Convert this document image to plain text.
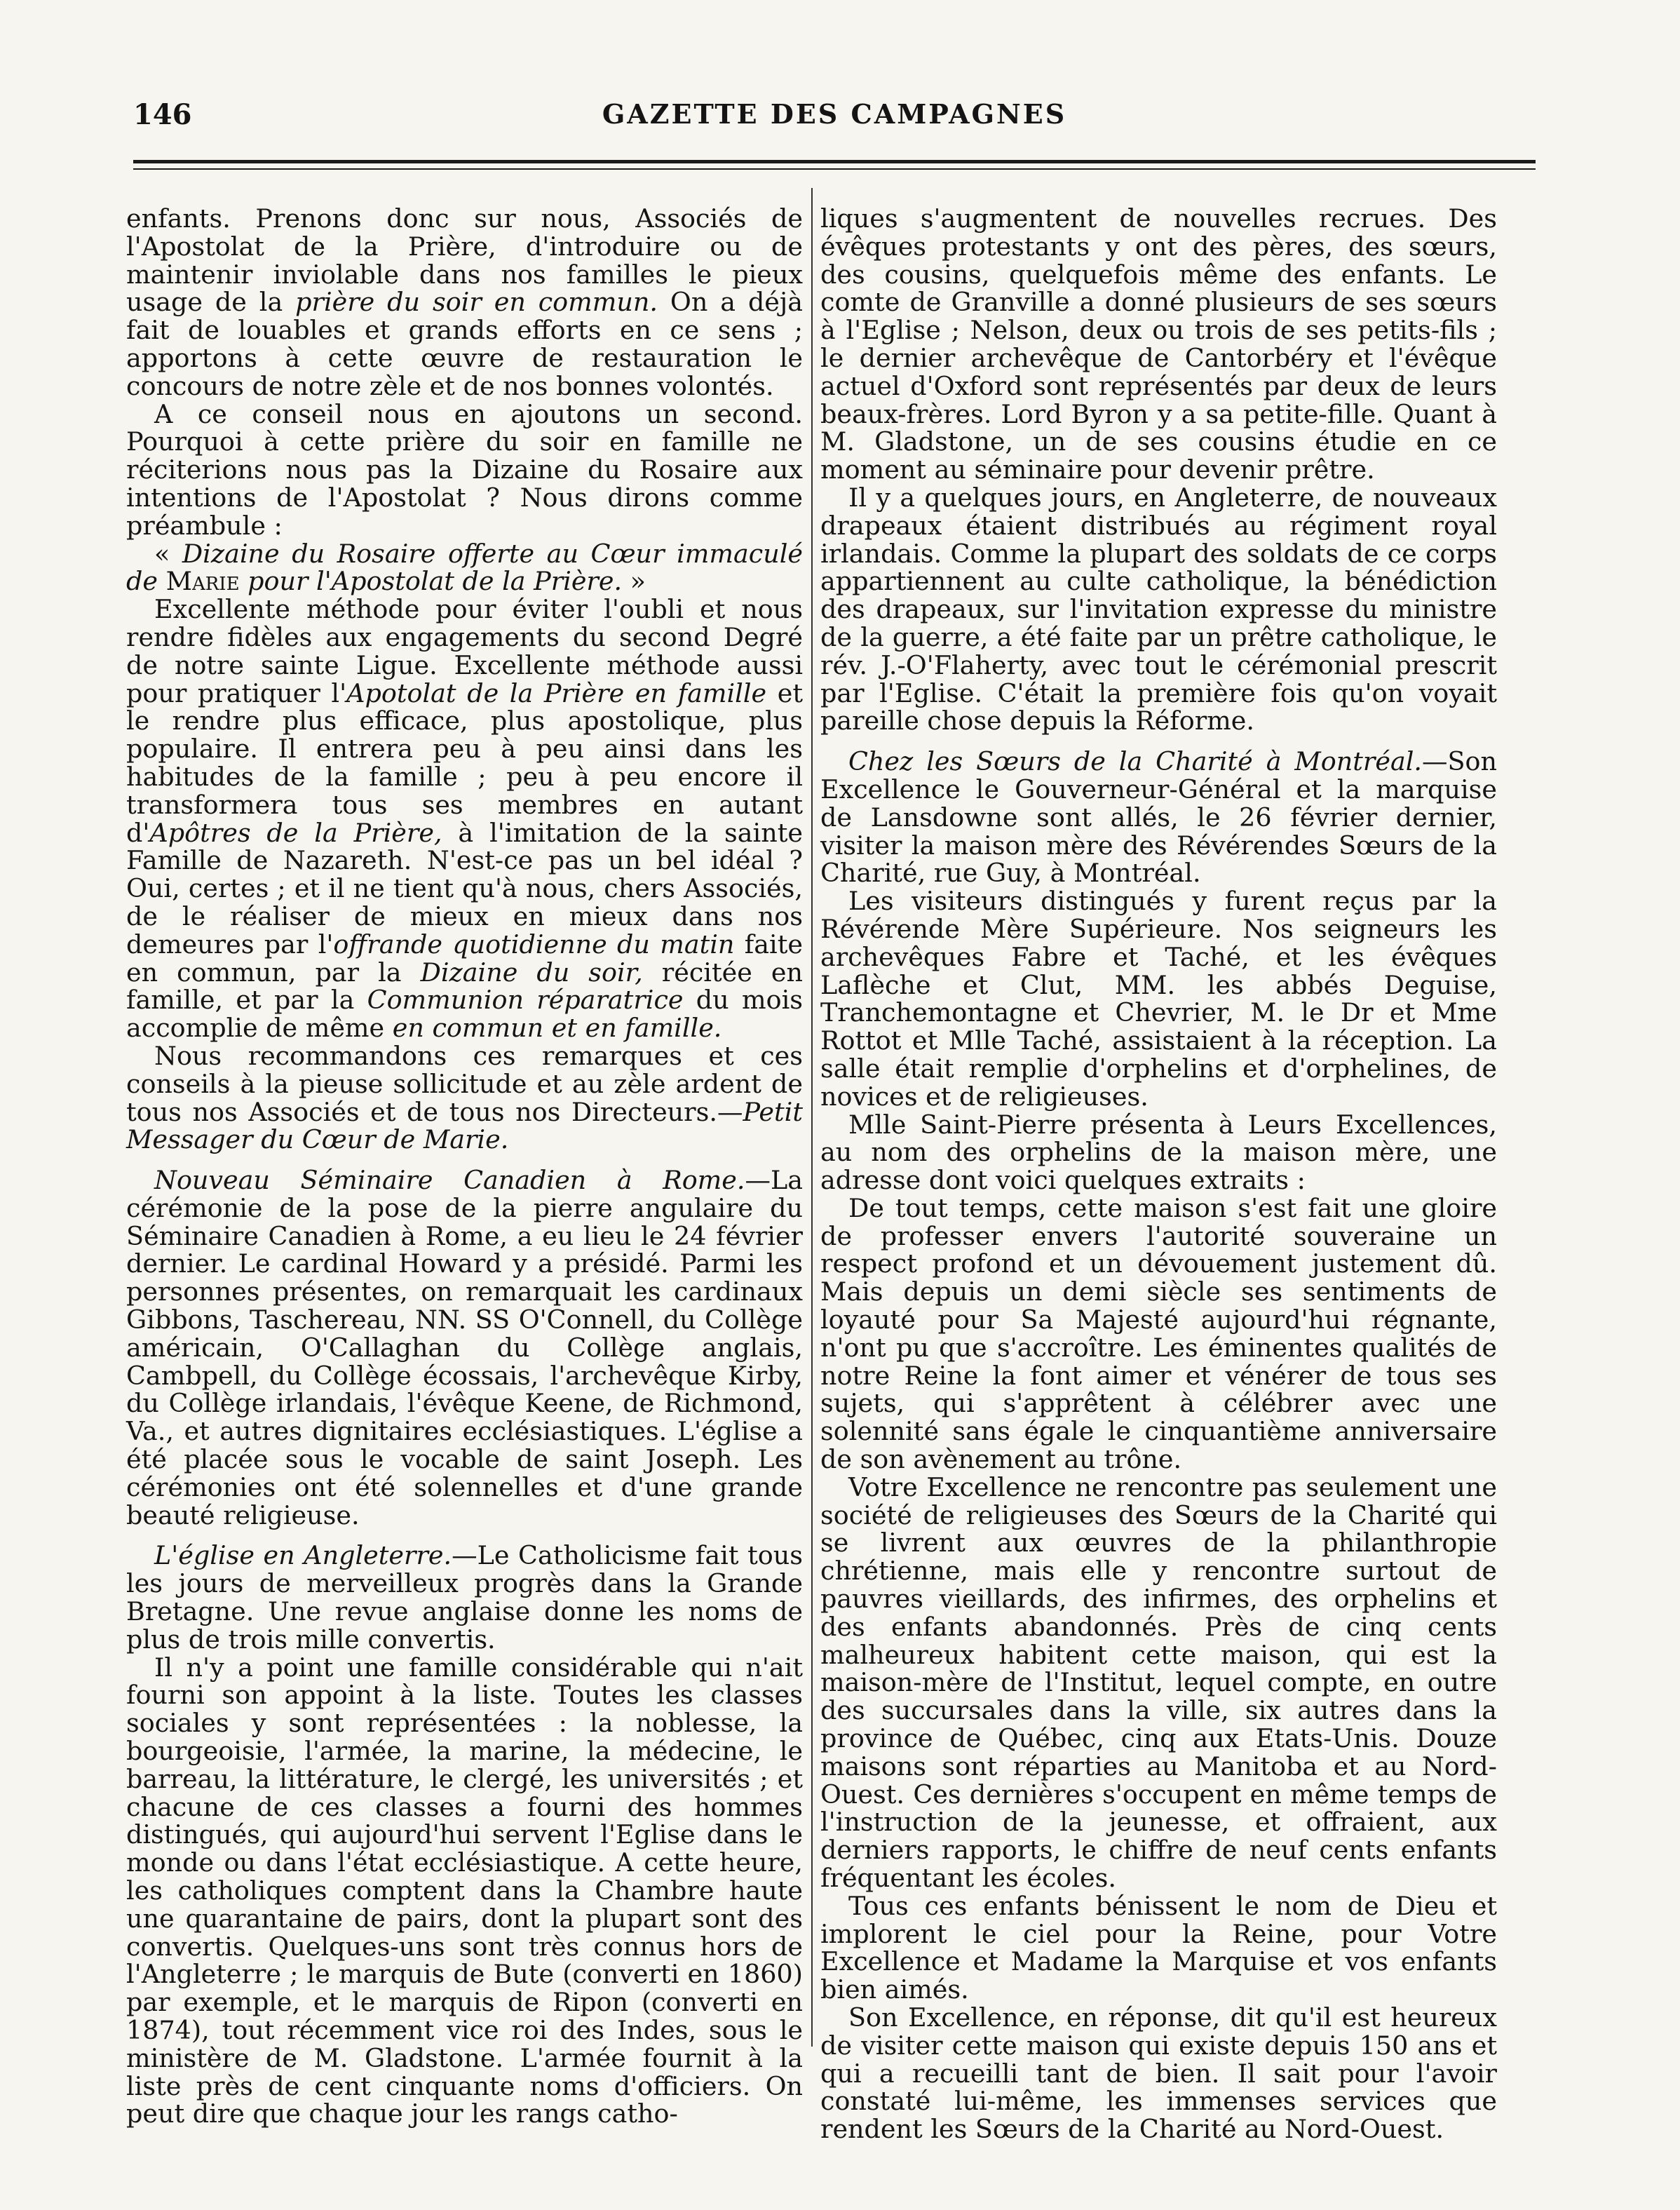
146	GAZETTE DES CAMPAGNES

enfants. Prenons donc sur nous, Associés de l'Apostolat de la Prière, d'introduire ou de maintenir inviolable dans nos familles le pieux usage de la prière du soir en commun. On a déjà fait de louables et grands efforts en ce sens ; apportons à cette œuvre de restauration le concours de notre zèle et de nos bonnes volontés.

A ce conseil nous en ajoutons un second. Pourquoi à cette prière du soir en famille ne réciterions nous pas la Dizaine du Rosaire aux intentions de l'Apostolat ? Nous dirons comme préambule :

« Dizaine du Rosaire offerte au Cœur immaculé de Marie pour l'Apostolat de la Prière. »

Excellente méthode pour éviter l'oubli et nous rendre fidèles aux engagements du second Degré de notre sainte Ligue. Excellente méthode aussi pour pratiquer l'Apotolat de la Prière en famille et le rendre plus efficace, plus apostolique, plus populaire. Il entrera peu à peu ainsi dans les habitudes de la famille ; peu à peu encore il transformera tous ses membres en autant d'Apôtres de la Prière, à l'imitation de la sainte Famille de Nazareth. N'est-ce pas un bel idéal ? Oui, certes ; et il ne tient qu'à nous, chers Associés, de le réaliser de mieux en mieux dans nos demeures par l'offrande quotidienne du matin faite en commun, par la Dizaine du soir, récitée en famille, et par la Communion réparatrice du mois accomplie de même en commun et en famille.

Nous recommandons ces remarques et ces conseils à la pieuse sollicitude et au zèle ardent de tous nos Associés et de tous nos Directeurs.—Petit Messager du Cœur de Marie.

Nouveau Séminaire Canadien à Rome.—La cérémonie de la pose de la pierre angulaire du Séminaire Canadien à Rome, a eu lieu le 24 février dernier. Le cardinal Howard y a présidé. Parmi les personnes présentes, on remarquait les cardinaux Gibbons, Taschereau, NN. SS O'Connell, du Collège américain, O'Callaghan du Collège anglais, Cambpell, du Collège écossais, l'archevêque Kirby, du Collège irlandais, l'évêque Keene, de Richmond, Va., et autres dignitaires ecclésiastiques. L'église a été placée sous le vocable de saint Joseph. Les cérémonies ont été solennelles et d'une grande beauté religieuse.

L'église en Angleterre.—Le Catholicisme fait tous les jours de merveilleux progrès dans la Grande Bretagne. Une revue anglaise donne les noms de plus de trois mille convertis.

Il n'y a point une famille considérable qui n'ait fourni son appoint à la liste. Toutes les classes sociales y sont représentées : la noblesse, la bourgeoisie, l'armée, la marine, la médecine, le barreau, la littérature, le clergé, les universités ; et chacune de ces classes a fourni des hommes distingués, qui aujourd'hui servent l'Eglise dans le monde ou dans l'état ecclésiastique. A cette heure, les catholiques comptent dans la Chambre haute une quarantaine de pairs, dont la plupart sont des convertis. Quelques-uns sont très connus hors de l'Angleterre ; le marquis de Bute (converti en 1860) par exemple, et le marquis de Ripon (converti en 1874), tout récemment vice roi des Indes, sous le ministère de M. Gladstone. L'armée fournit à la liste près de cent cinquante noms d'officiers. On peut dire que chaque jour les rangs catho-

liques s'augmentent de nouvelles recrues. Des évêques protestants y ont des pères, des sœurs, des cousins, quelquefois même des enfants. Le comte de Granville a donné plusieurs de ses sœurs à l'Eglise ; Nelson, deux ou trois de ses petits-fils ; le dernier archevêque de Cantorbéry et l'évêque actuel d'Oxford sont représentés par deux de leurs beaux-frères. Lord Byron y a sa petite-fille. Quant à M. Gladstone, un de ses cousins étudie en ce moment au séminaire pour devenir prêtre.

Il y a quelques jours, en Angleterre, de nouveaux drapeaux étaient distribués au régiment royal irlandais. Comme la plupart des soldats de ce corps appartiennent au culte catholique, la bénédiction des drapeaux, sur l'invitation expresse du ministre de la guerre, a été faite par un prêtre catholique, le rév. J.-O'Flaherty, avec tout le cérémonial prescrit par l'Eglise. C'était la première fois qu'on voyait pareille chose depuis la Réforme.

Chez les Sœurs de la Charité à Montréal.—Son Excellence le Gouverneur-Général et la marquise de Lansdowne sont allés, le 26 février dernier, visiter la maison mère des Révérendes Sœurs de la Charité, rue Guy, à Montréal.

Les visiteurs distingués y furent reçus par la Révérende Mère Supérieure. Nos seigneurs les archevêques Fabre et Taché, et les évêques Laflèche et Clut, MM. les abbés Deguise, Tranchemontagne et Chevrier, M. le Dr et Mme Rottot et Mlle Taché, assistaient à la réception. La salle était remplie d'orphelins et d'orphelines, de novices et de religieuses.

Mlle Saint-Pierre présenta à Leurs Excellences, au nom des orphelins de la maison mère, une adresse dont voici quelques extraits :

De tout temps, cette maison s'est fait une gloire de professer envers l'autorité souveraine un respect profond et un dévouement justement dû. Mais depuis un demi siècle ses sentiments de loyauté pour Sa Majesté aujourd'hui régnante, n'ont pu que s'accroître. Les éminentes qualités de notre Reine la font aimer et vénérer de tous ses sujets, qui s'apprêtent à célébrer avec une solennité sans égale le cinquantième anniversaire de son avènement au trône.

Votre Excellence ne rencontre pas seulement une société de religieuses des Sœurs de la Charité qui se livrent aux œuvres de la philanthropie chrétienne, mais elle y rencontre surtout de pauvres vieillards, des infirmes, des orphelins et des enfants abandonnés. Près de cinq cents malheureux habitent cette maison, qui est la maison-mère de l'Institut, lequel compte, en outre des succursales dans la ville, six autres dans la province de Québec, cinq aux Etats-Unis. Douze maisons sont réparties au Manitoba et au Nord-Ouest. Ces dernières s'occupent en même temps de l'instruction de la jeunesse, et offraient, aux derniers rapports, le chiffre de neuf cents enfants fréquentant les écoles.

Tous ces enfants bénissent le nom de Dieu et implorent le ciel pour la Reine, pour Votre Excellence et Madame la Marquise et vos enfants bien aimés.

Son Excellence, en réponse, dit qu'il est heureux de visiter cette maison qui existe depuis 150 ans et qui a recueilli tant de bien. Il sait pour l'avoir constaté lui-même, les immenses services que rendent les Sœurs de la Charité au Nord-Ouest.
